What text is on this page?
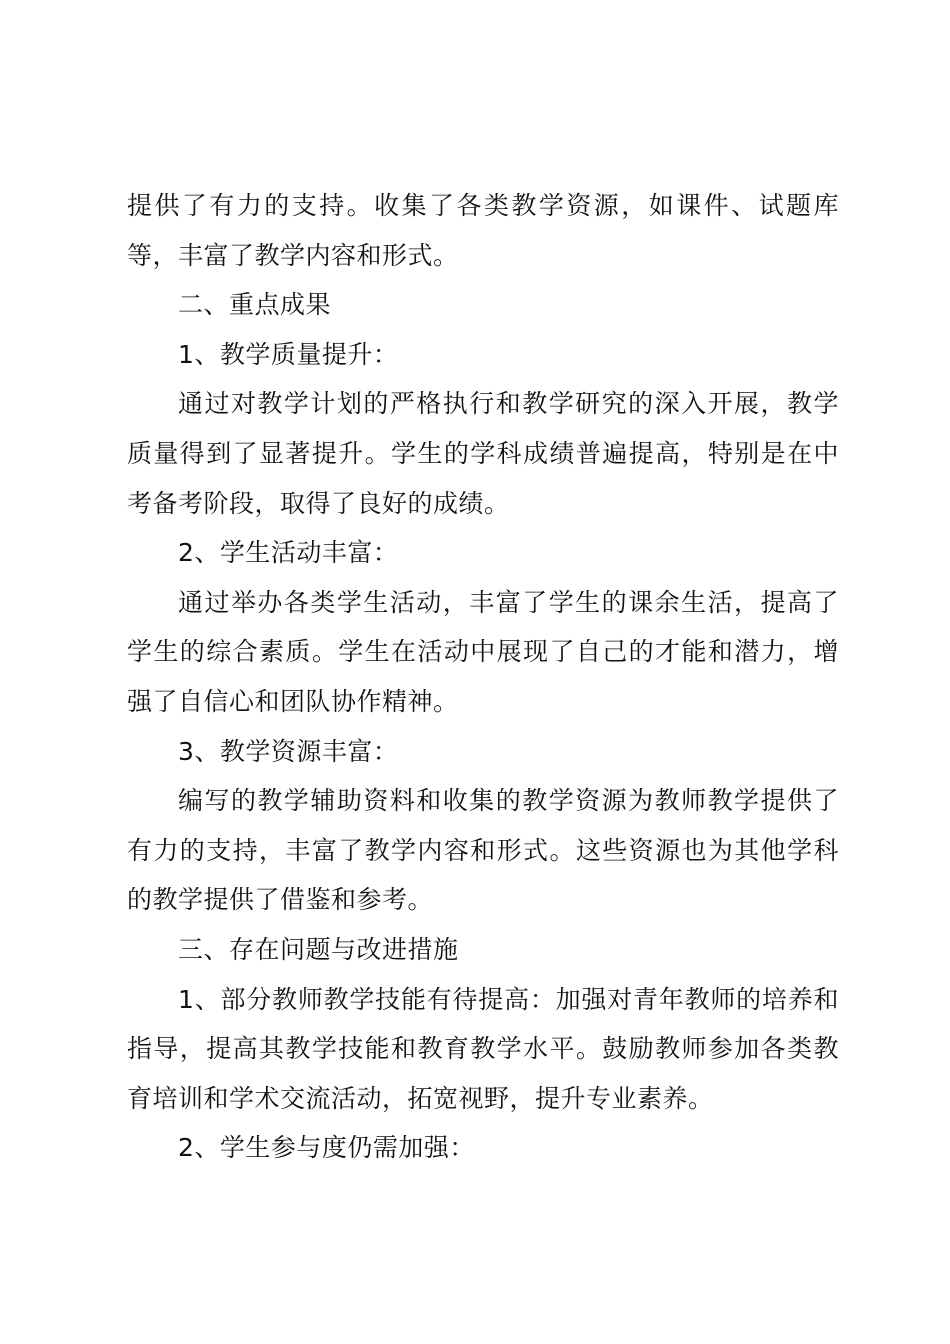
提供了有力的支持。收集了各类教学资源，如课件、试题库等，丰富了教学内容和形式。

二、重点成果

1、教学质量提升：

通过对教学计划的严格执行和教学研究的深入开展，教学质量得到了显著提升。学生的学科成绩普遍提高，特别是在中考备考阶段，取得了良好的成绩。

2、学生活动丰富：

通过举办各类学生活动，丰富了学生的课余生活，提高了学生的综合素质。学生在活动中展现了自己的才能和潜力，增强了自信心和团队协作精神。

3、教学资源丰富：

编写的教学辅助资料和收集的教学资源为教师教学提供了有力的支持，丰富了教学内容和形式。这些资源也为其他学科的教学提供了借鉴和参考。

三、存在问题与改进措施

1、部分教师教学技能有待提高：加强对青年教师的培养和指导，提高其教学技能和教育教学水平。鼓励教师参加各类教育培训和学术交流活动，拓宽视野，提升专业素养。

2、学生参与度仍需加强：
